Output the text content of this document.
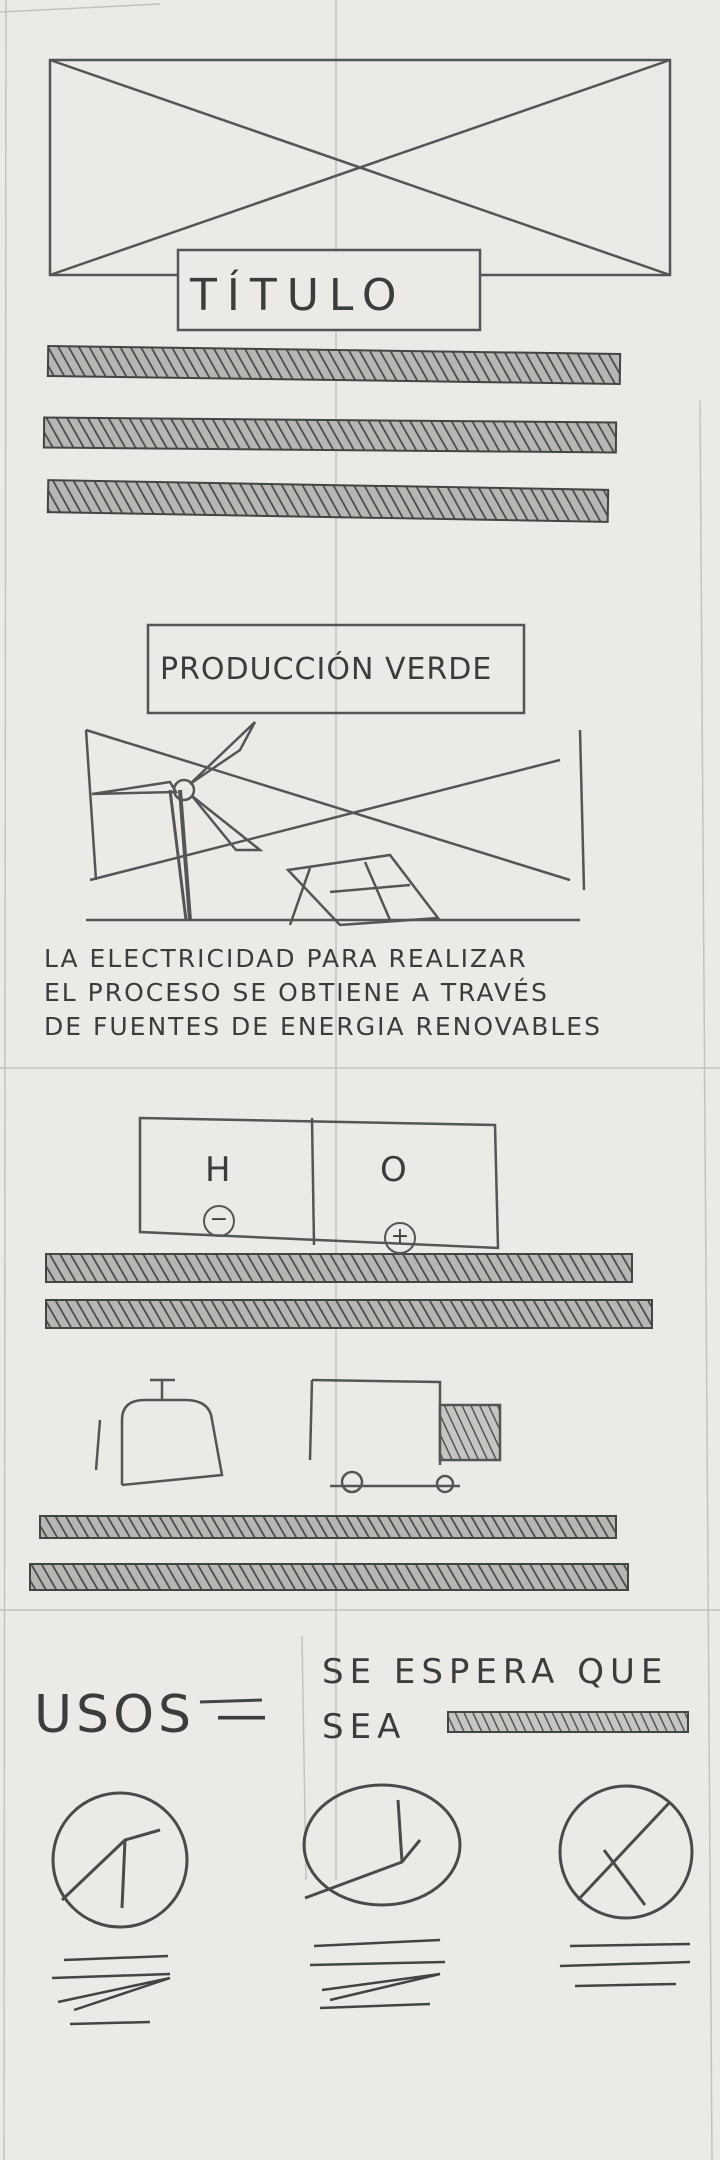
TÍTULO
PRODUCCIÓN VERDE
LA ELECTRICIDAD PARA REALIZAR
EL PROCESO SE OBTIENE A TRAVÉS
DE FUENTES DE ENERGIA RENOVABLES
H	O
−
+
USOS —
SE ESPERA QUE
SEA
